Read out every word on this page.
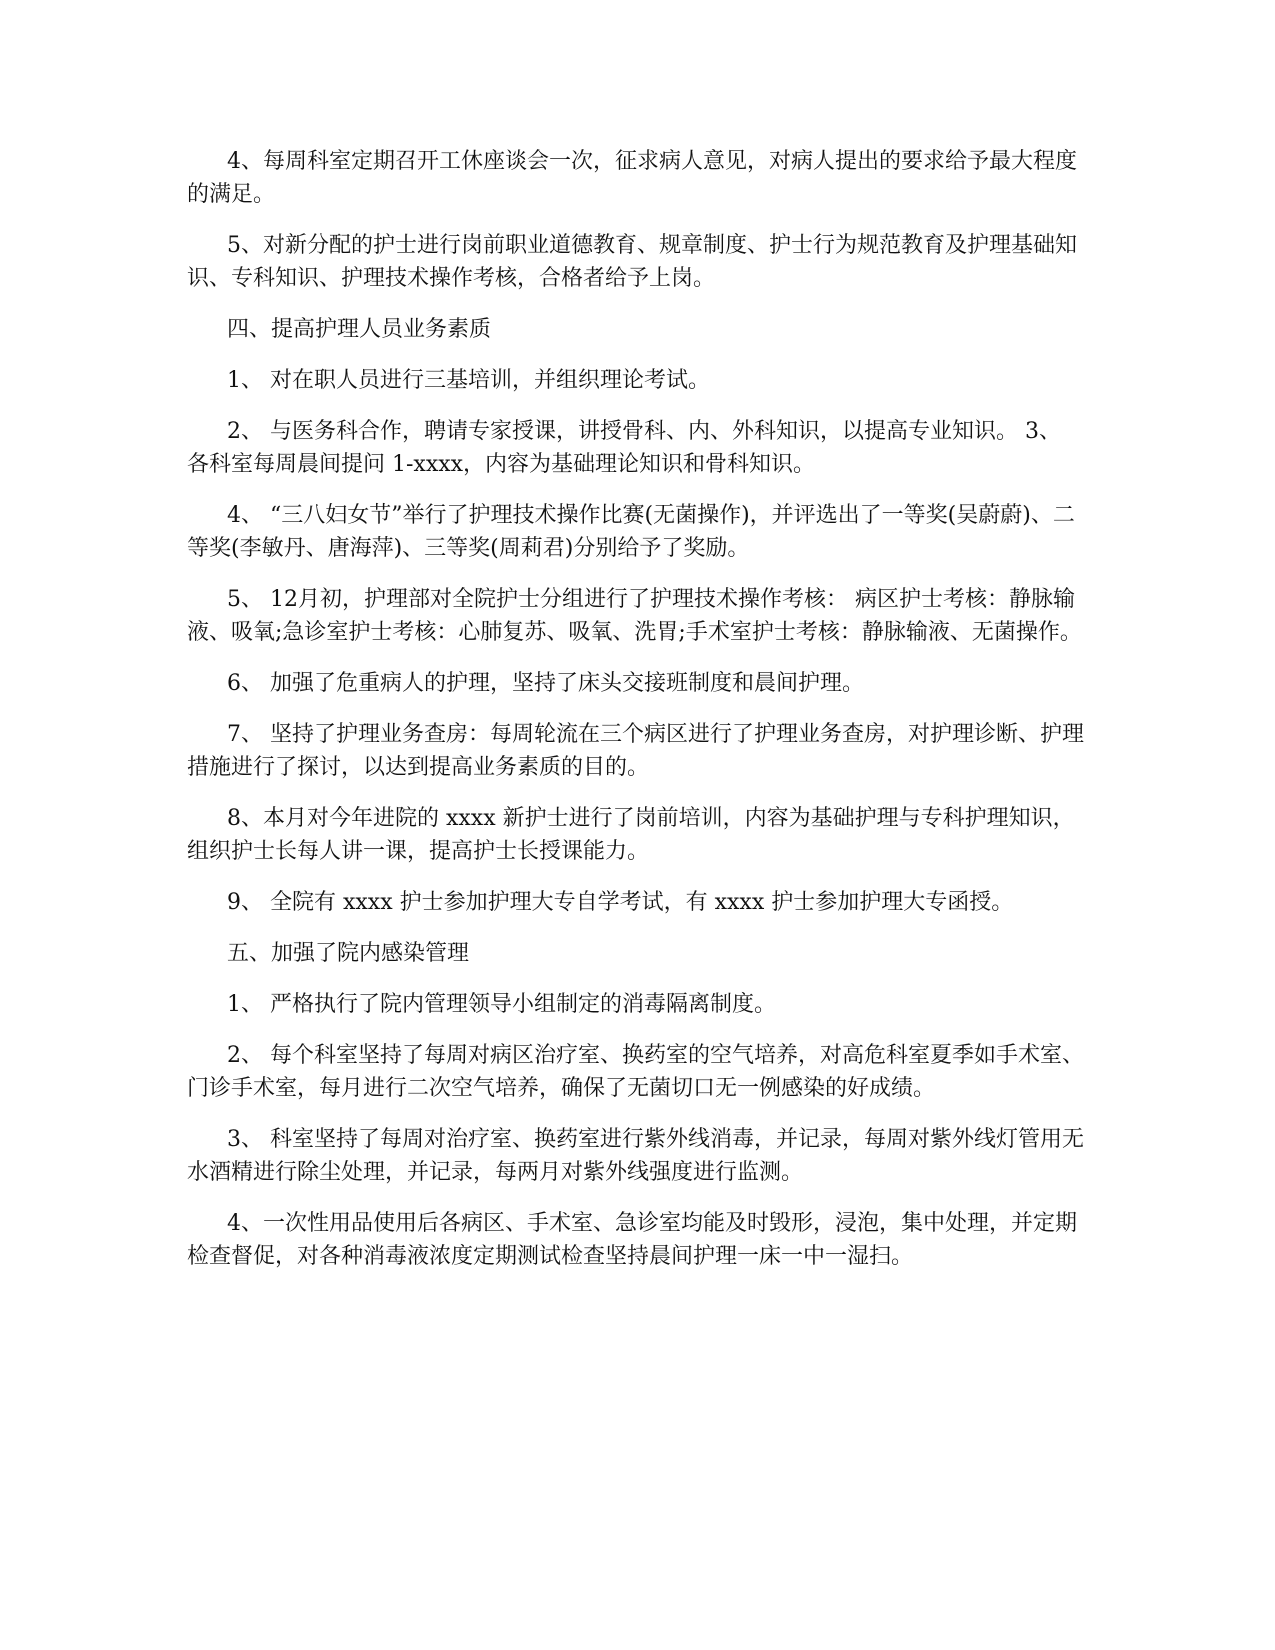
4、每周科室定期召开工休座谈会一次，征求病人意见，对病人提出的要求给予最大程度的满足。

5、对新分配的护士进行岗前职业道德教育、规章制度、护士行为规范教育及护理基础知识、专科知识、护理技术操作考核，合格者给予上岗。

四、提高护理人员业务素质

1、 对在职人员进行三基培训，并组织理论考试。

2、 与医务科合作，聘请专家授课，讲授骨科、内、外科知识，以提高专业知识。 3、 各科室每周晨间提问 1-xxxx，内容为基础理论知识和骨科知识。

4、 “三八妇女节”举行了护理技术操作比赛(无菌操作)，并评选出了一等奖(吴蔚蔚)、二等奖(李敏丹、唐海萍)、三等奖(周莉君)分别给予了奖励。

5、 12月初，护理部对全院护士分组进行了护理技术操作考核： 病区护士考核：静脉输液、吸氧;急诊室护士考核：心肺复苏、吸氧、洗胃;手术室护士考核：静脉输液、无菌操作。

6、 加强了危重病人的护理，坚持了床头交接班制度和晨间护理。

7、 坚持了护理业务查房：每周轮流在三个病区进行了护理业务查房，对护理诊断、护理措施进行了探讨，以达到提高业务素质的目的。

8、本月对今年进院的 xxxx 新护士进行了岗前培训，内容为基础护理与专科护理知识，组织护士长每人讲一课，提高护士长授课能力。

9、 全院有 xxxx 护士参加护理大专自学考试，有 xxxx 护士参加护理大专函授。

五、加强了院内感染管理

1、 严格执行了院内管理领导小组制定的消毒隔离制度。

2、 每个科室坚持了每周对病区治疗室、换药室的空气培养，对高危科室夏季如手术室、门诊手术室，每月进行二次空气培养，确保了无菌切口无一例感染的好成绩。

3、 科室坚持了每周对治疗室、换药室进行紫外线消毒，并记录，每周对紫外线灯管用无水酒精进行除尘处理，并记录，每两月对紫外线强度进行监测。

4、一次性用品使用后各病区、手术室、急诊室均能及时毁形，浸泡，集中处理，并定期检查督促，对各种消毒液浓度定期测试检查坚持晨间护理一床一中一湿扫。
